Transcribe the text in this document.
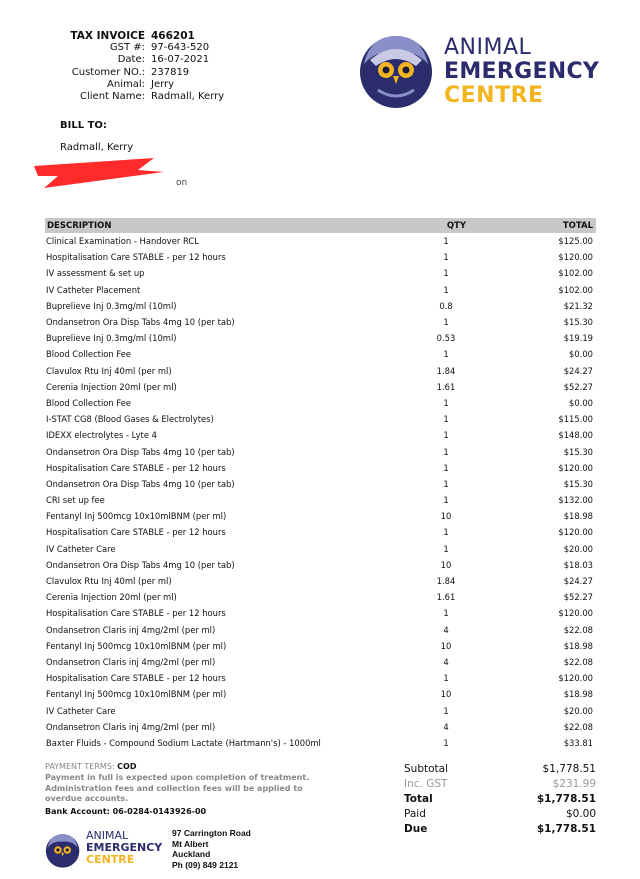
TAX INVOICE 466201
GST #: 97-643-520
Date: 16-07-2021
Customer NO.: 237819
Animal: Jerry
Client Name: Radmall, Kerry
ANIMAL
EMERGENCY
CENTRE
BILL TO:
Radmall, Kerry
on
DESCRIPTION	QTY	TOTAL
Clinical Examination - Handover RCL	1	$125.00
Hospitalisation Care STABLE - per 12 hours	1	$120.00
IV assessment & set up	1	$102.00
IV Catheter Placement	1	$102.00
Buprelieve Inj 0.3mg/ml (10ml)	0.8	$21.32
Ondansetron Ora Disp Tabs 4mg 10 (per tab)	1	$15.30
Buprelieve Inj 0.3mg/ml (10ml)	0.53	$19.19
Blood Collection Fee	1	$0.00
Clavulox Rtu Inj 40ml (per ml)	1.84	$24.27
Cerenia Injection 20ml (per ml)	1.61	$52.27
Blood Collection Fee	1	$0.00
I-STAT CG8 (Blood Gases & Electrolytes)	1	$115.00
IDEXX electrolytes - Lyte 4	1	$148.00
Ondansetron Ora Disp Tabs 4mg 10 (per tab)	1	$15.30
Hospitalisation Care STABLE - per 12 hours	1	$120.00
Ondansetron Ora Disp Tabs 4mg 10 (per tab)	1	$15.30
CRI set up fee	1	$132.00
Fentanyl Inj 500mcg 10x10mlBNM (per ml)	10	$18.98
Hospitalisation Care STABLE - per 12 hours	1	$120.00
IV Catheter Care	1	$20.00
Ondansetron Ora Disp Tabs 4mg 10 (per tab)	10	$18.03
Clavulox Rtu Inj 40ml (per ml)	1.84	$24.27
Cerenia Injection 20ml (per ml)	1.61	$52.27
Hospitalisation Care STABLE - per 12 hours	1	$120.00
Ondansetron Claris inj 4mg/2ml (per ml)	4	$22.08
Fentanyl Inj 500mcg 10x10mlBNM (per ml)	10	$18.98
Ondansetron Claris inj 4mg/2ml (per ml)	4	$22.08
Hospitalisation Care STABLE - per 12 hours	1	$120.00
Fentanyl Inj 500mcg 10x10mlBNM (per ml)	10	$18.98
IV Catheter Care	1	$20.00
Ondansetron Claris inj 4mg/2ml (per ml)	4	$22.08
Baxter Fluids - Compound Sodium Lactate (Hartmann's) - 1000ml	1	$33.81
PAYMENT TERMS: COD
Payment in full is expected upon completion of treatment.
Administration fees and collection fees will be applied to
overdue accounts.
Bank Account: 06-0284-0143926-00
Subtotal	$1,778.51
Inc. GST	$231.99
Total	$1,778.51
Paid	$0.00
Due	$1,778.51
ANIMAL
EMERGENCY
CENTRE
97 Carrington Road
Mt Albert
Auckland
Ph (09) 849 2121
